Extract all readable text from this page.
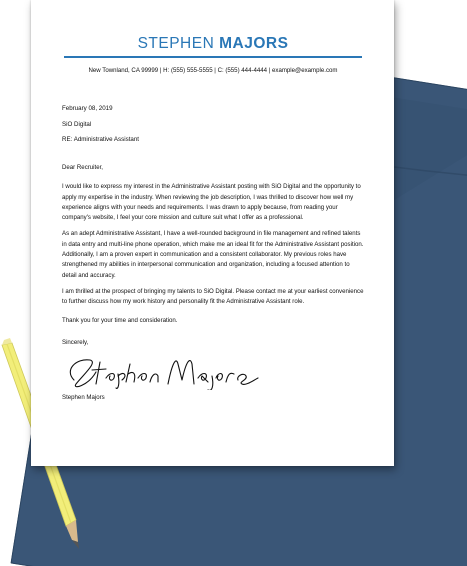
STEPHEN MAJORS
New Townland, CA 99999 | H: (555) 555-5555 | C: (555) 444-4444 | example@example.com
February 08, 2019
SiO Digital
RE: Administrative Assistant
Dear Recruiter,
I would like to express my interest in the Administrative Assistant posting with SiO Digital and the opportunity to apply my expertise in the industry. When reviewing the job description, I was thrilled to discover how well my experience aligns with your needs and requirements. I was drawn to apply because, from reading your company's website, I feel your core mission and culture suit what I offer as a professional.
As an adept Administrative Assistant, I have a well-rounded background in file management and refined talents in data entry and multi-line phone operation, which make me an ideal fit for the Administrative Assistant position. Additionally, I am a proven expert in communication and a consistent collaborator. My previous roles have strengthened my abilities in interpersonal communication and organization, including a focused attention to detail and accuracy.
I am thrilled at the prospect of bringing my talents to SiO Digital. Please contact me at your earliest convenience to further discuss how my work history and personality fit the Administrative Assistant role.
Thank you for your time and consideration.
Sincerely,
Stephen Majors
